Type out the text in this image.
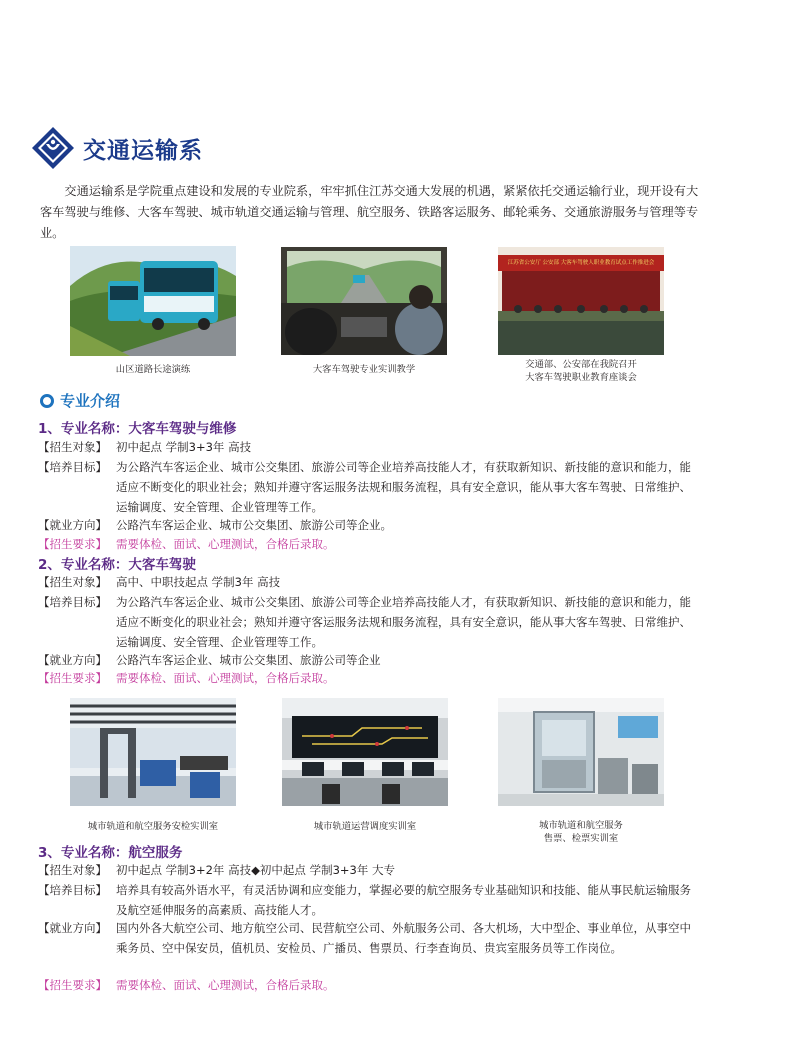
交通运输系

交通运输系是学院重点建设和发展的专业院系，牢牢抓住江苏交通大发展的机遇，紧紧依托交通运输行业，现开设有大客车驾驶与维修、大客车驾驶、城市轨道交通运输与管理、航空服务、铁路客运服务、邮轮乘务、交通旅游服务与管理等专业。

山区道路长途演练	大客车驾驶专业实训教学
江苏省公安厅 公安部 大客车驾驶人职业教育试点工作推进会
交通部、公安部在我院召开
大客车驾驶职业教育座谈会
专业介绍
1、专业名称：大客车驾驶与维修
【招生对象】 初中起点 学制3+3年 高技
【培养目标】 为公路汽车客运企业、城市公交集团、旅游公司等企业培养高技能人才，有获取新知识、新技能的意识和能力，能适应不断变化的职业社会；熟知并遵守客运服务法规和服务流程，具有安全意识，能从事大客车驾驶、日常维护、运输调度、安全管理、企业管理等工作。
【就业方向】 公路汽车客运企业、城市公交集团、旅游公司等企业。
【招生要求】 需要体检、面试、心理测试，合格后录取。
2、专业名称：大客车驾驶
【招生对象】 高中、中职技起点 学制3年 高技
【培养目标】 为公路汽车客运企业、城市公交集团、旅游公司等企业培养高技能人才，有获取新知识、新技能的意识和能力，能适应不断变化的职业社会；熟知并遵守客运服务法规和服务流程，具有安全意识，能从事大客车驾驶、日常维护、运输调度、安全管理、企业管理等工作。
【就业方向】 公路汽车客运企业、城市公交集团、旅游公司等企业
【招生要求】 需要体检、面试、心理测试，合格后录取。
城市轨道和航空服务安检实训室	城市轨道运营调度实训室	城市轨道和航空服务
售票、检票实训室
3、专业名称：航空服务
【招生对象】 初中起点 学制3+2年 高技◆初中起点 学制3+3年 大专
【培养目标】 培养具有较高外语水平，有灵活协调和应变能力，掌握必要的航空服务专业基础知识和技能、能从事民航运输服务及航空延伸服务的高素质、高技能人才。
【就业方向】 国内外各大航空公司、地方航空公司、民营航空公司、外航服务公司、各大机场，大中型企、事业单位，从事空中乘务员、空中保安员，值机员、安检员、广播员、售票员、行李查询员、贵宾室服务员等工作岗位。
【招生要求】 需要体检、面试、心理测试，合格后录取。
